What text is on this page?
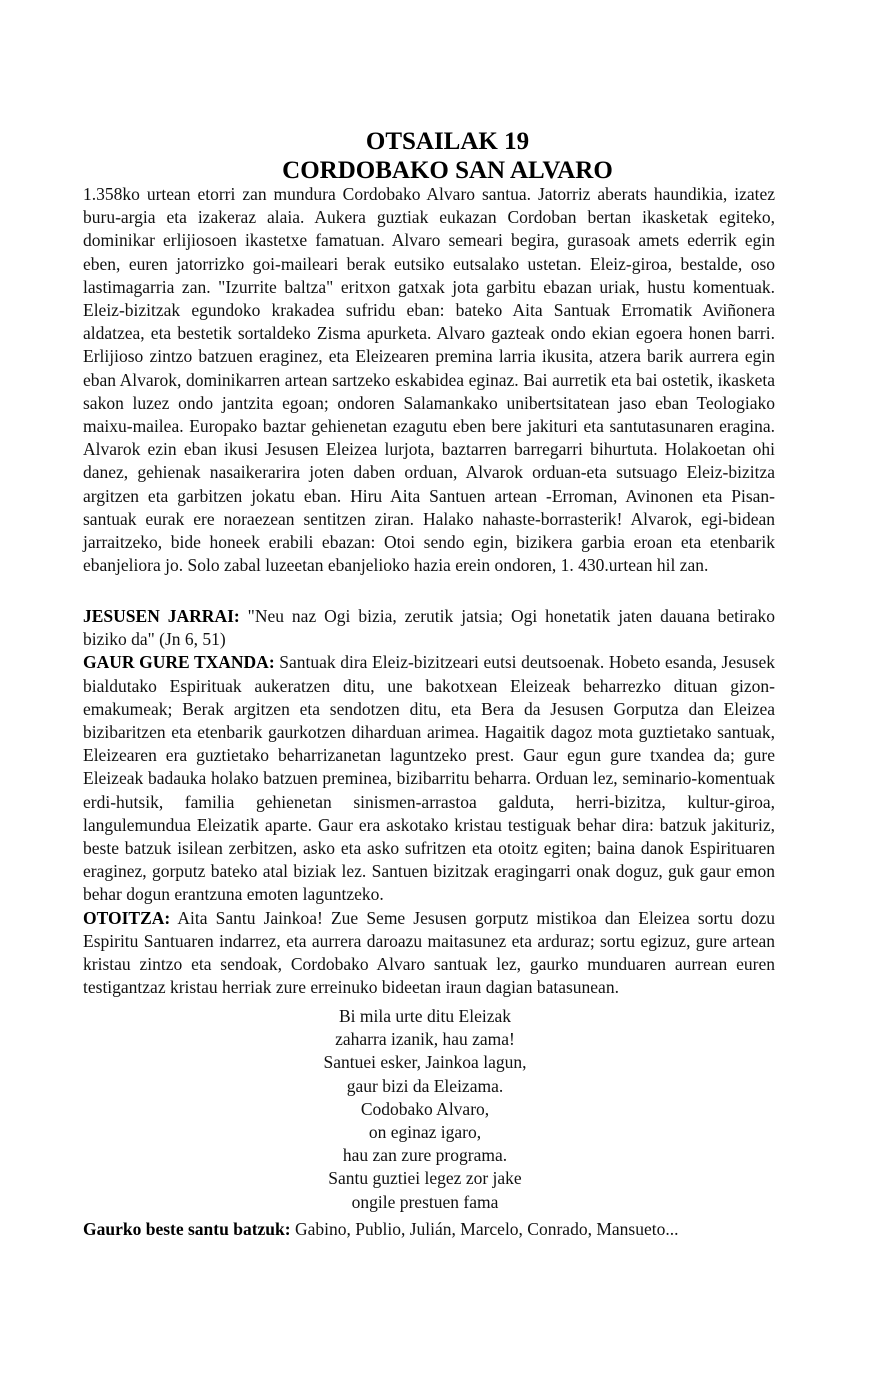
OTSAILAK 19
CORDOBAKO SAN ALVARO

1.358ko urtean etorri zan mundura Cordobako Alvaro santua. Jatorriz aberats haundikia, izatez buru-argia eta izakeraz alaia. Aukera guztiak eukazan Cordoban bertan ikasketak egiteko, dominikar erlijiosoen ikastetxe famatuan. Alvaro semeari begira, gurasoak amets ederrik egin eben, euren jatorrizko goi-maileari berak eutsiko eutsalako ustetan. Eleiz-giroa, bestalde, oso lastimagarria zan. "Izurrite baltza" eritxon gatxak jota garbitu ebazan uriak, hustu komentuak. Eleiz-bizitzak egundoko krakadea sufridu eban: bateko Aita Santuak Erromatik Aviñonera aldatzea, eta bestetik sortaldeko Zisma apurketa. Alvaro gazteak ondo ekian egoera honen barri. Erlijioso zintzo batzuen eraginez, eta Eleizearen premina larria ikusita, atzera barik aurrera egin eban Alvarok, dominikarren artean sartzeko eskabidea eginaz. Bai aurretik eta bai ostetik, ikasketa sakon luzez ondo jantzita egoan; ondoren Salamankako unibertsitatean jaso eban Teologiako maixu-mailea. Europako baztar gehienetan ezagutu eben bere jakituri eta santutasunaren eragina. Alvarok ezin eban ikusi Jesusen Eleizea lurjota, baztarren barregarri bihurtuta. Holakoetan ohi danez, gehienak nasaikerarira joten daben orduan, Alvarok orduan-eta sutsuago Eleiz-bizitza argitzen eta garbitzen jokatu eban. Hiru Aita Santuen artean -Erroman, Avinonen eta Pisan- santuak eurak ere noraezean sentitzen ziran. Halako nahaste-borrasterik! Alvarok, egi-bidean jarraitzeko, bide honeek erabili ebazan: Otoi sendo egin, bizikera garbia eroan eta etenbarik ebanjeliora jo. Solo zabal luzeetan ebanjelioko hazia erein ondoren, 1. 430.urtean hil zan.

JESUSEN JARRAI: "Neu naz Ogi bizia, zerutik jatsia; Ogi honetatik jaten dauana betirako biziko da" (Jn 6, 51)

GAUR GURE TXANDA: Santuak dira Eleiz-bizitzeari eutsi deutsoenak. Hobeto esanda, Jesusek bialdutako Espirituak aukeratzen ditu, une bakotxean Eleizeak beharrezko dituan gizon-emakumeak; Berak argitzen eta sendotzen ditu, eta Bera da Jesusen Gorputza dan Eleizea bizibaritzen eta etenbarik gaurkotzen diharduan arimea. Hagaitik dagoz mota guztietako santuak, Eleizearen era guztietako beharrizanetan laguntzeko prest. Gaur egun gure txandea da; gure Eleizeak badauka holako batzuen preminea, bizibarritu beharra. Orduan lez, seminario-komentuak erdi-hutsik, familia gehienetan sinismen-arrastoa galduta, herri-bizitza, kultur-giroa, langulemundua Eleizatik aparte. Gaur era askotako kristau testiguak behar dira: batzuk jakituriz, beste batzuk isilean zerbitzen, asko eta asko sufritzen eta otoitz egiten; baina danok Espirituaren eraginez, gorputz bateko atal biziak lez. Santuen bizitzak eragingarri onak doguz, guk gaur emon behar dogun erantzuna emoten laguntzeko.

OTOITZA: Aita Santu Jainkoa! Zue Seme Jesusen gorputz mistikoa dan Eleizea sortu dozu Espiritu Santuaren indarrez, eta aurrera daroazu maitasunez eta arduraz; sortu egizuz, gure artean kristau zintzo eta sendoak, Cordobako Alvaro santuak lez, gaurko munduaren aurrean euren testigantzaz kristau herriak zure erreinuko bideetan iraun dagian batasunean.

Bi mila urte ditu Eleizak
zaharra izanik, hau zama!
Santuei esker, Jainkoa lagun,
gaur bizi da Eleizama.
Codobako Alvaro,
on eginaz igaro,
hau zan zure programa.
Santu guztiei legez zor jake
ongile prestuen fama

Gaurko beste santu batzuk: Gabino, Publio, Julián, Marcelo, Conrado, Mansueto...
